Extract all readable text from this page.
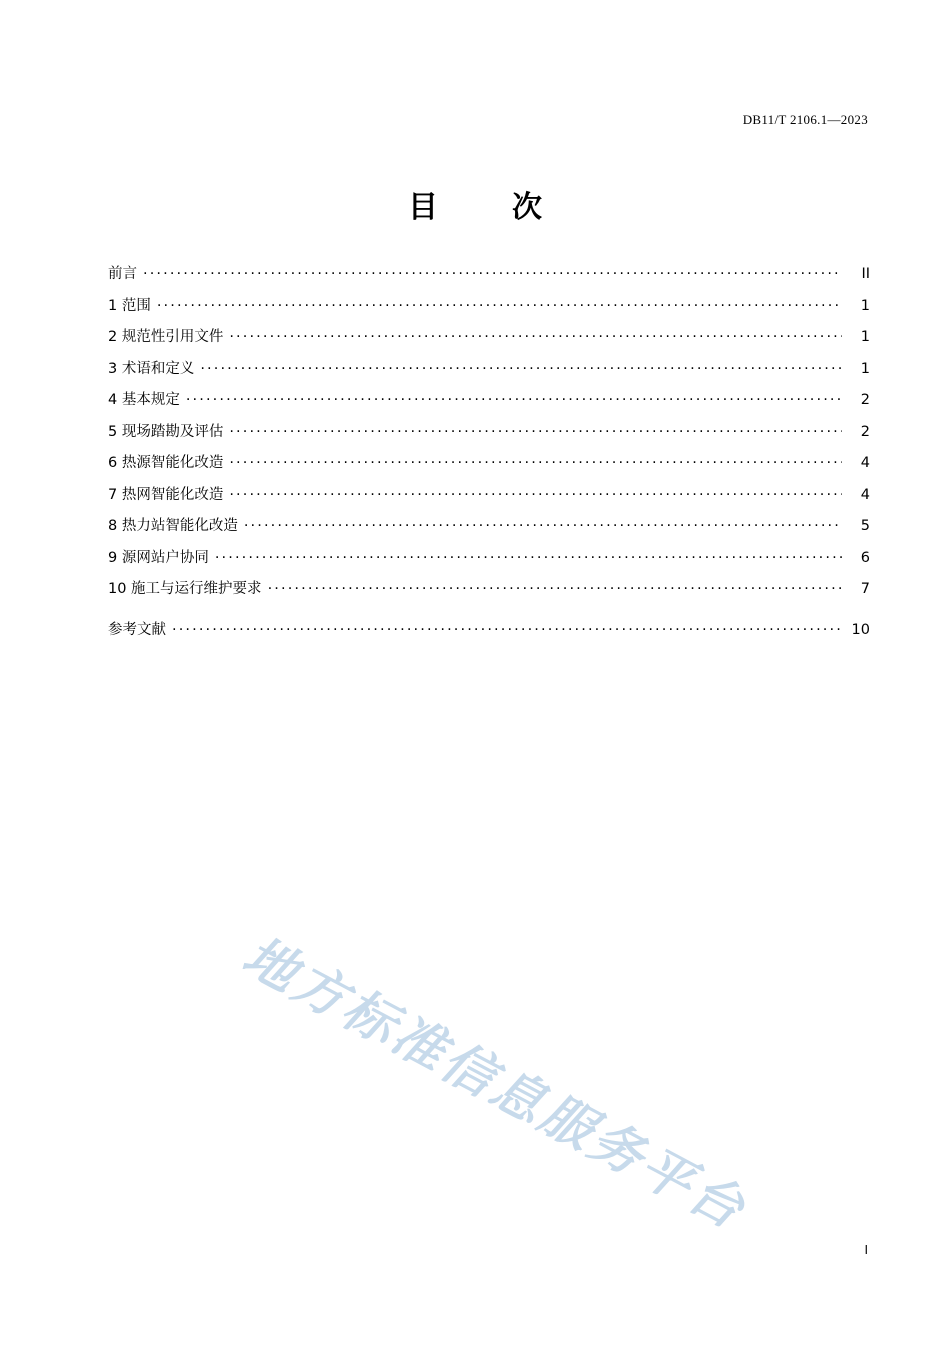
DB11/T 2106.1—2023
目　次
前言 ·····	II
1 范围 ·····	1
2 规范性引用文件 ·····	1
3 术语和定义 ·····	1
4 基本规定 ·····	2
5 现场踏勘及评估 ·····	2
6 热源智能化改造 ·····	4
7 热网智能化改造 ·····	4
8 热力站智能化改造 ·····	5
9 源网站户协同 ·····	6
10 施工与运行维护要求 ·····	7
参考文献 ·····	10
地方标准信息服务平台
I
